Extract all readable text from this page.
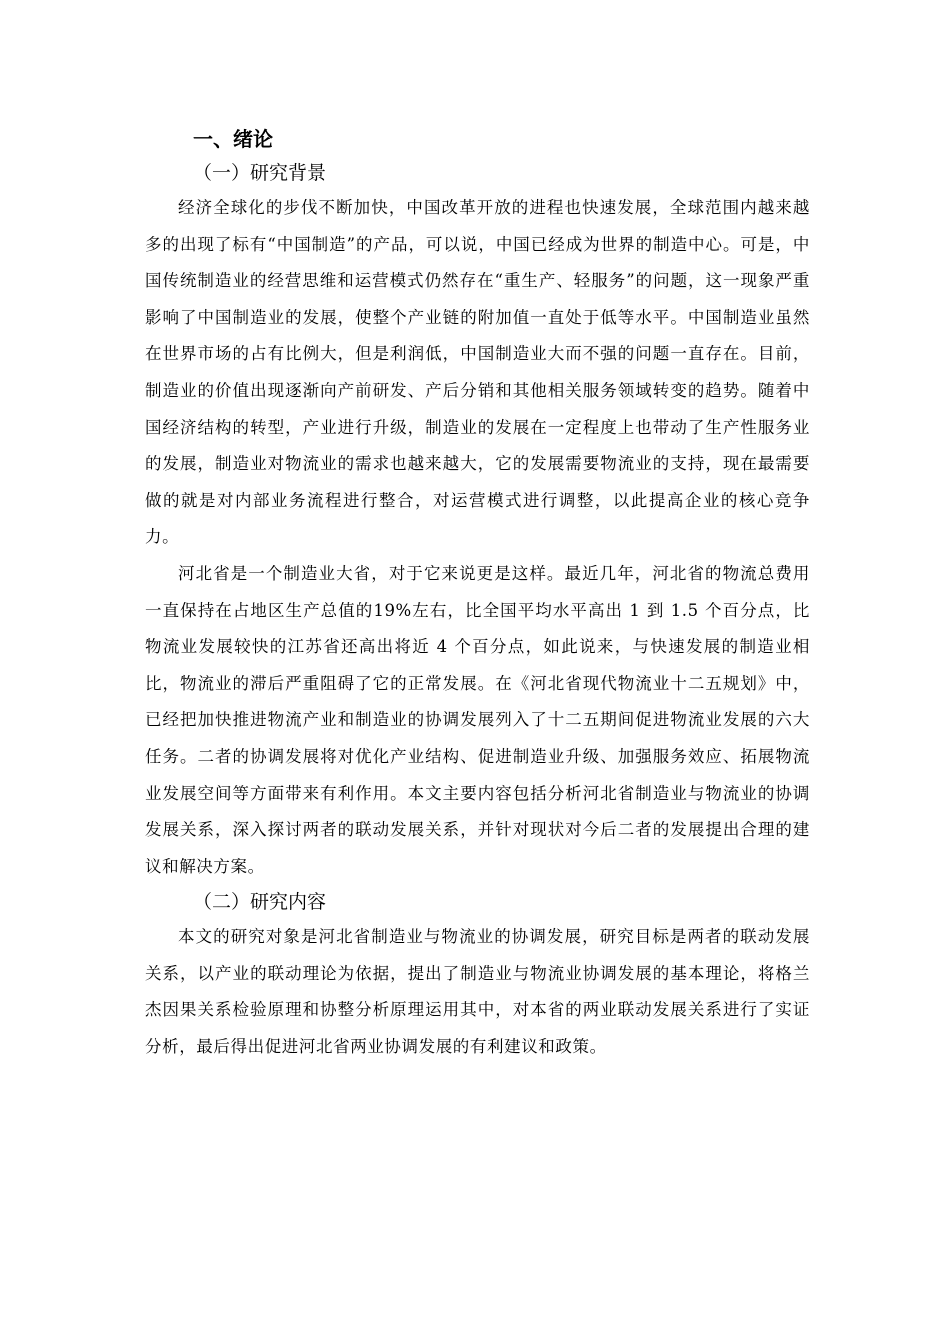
一、绪论
（一）研究背景

经济全球化的步伐不断加快，中国改革开放的进程也快速发展，全球范围内越来越多的出现了标有“中国制造”的产品，可以说，中国已经成为世界的制造中心。可是，中国传统制造业的经营思维和运营模式仍然存在“重生产、轻服务”的问题，这一现象严重影响了中国制造业的发展，使整个产业链的附加值一直处于低等水平。中国制造业虽然在世界市场的占有比例大，但是利润低，中国制造业大而不强的问题一直存在。目前，制造业的价值出现逐渐向产前研发、产后分销和其他相关服务领域转变的趋势。随着中国经济结构的转型，产业进行升级，制造业的发展在一定程度上也带动了生产性服务业的发展，制造业对物流业的需求也越来越大，它的发展需要物流业的支持，现在最需要做的就是对内部业务流程进行整合，对运营模式进行调整，以此提高企业的核心竞争力。

河北省是一个制造业大省，对于它来说更是这样。最近几年，河北省的物流总费用一直保持在占地区生产总值的19%左右，比全国平均水平高出 1 到 1.5 个百分点，比物流业发展较快的江苏省还高出将近 4 个百分点，如此说来，与快速发展的制造业相比，物流业的滞后严重阻碍了它的正常发展。在《河北省现代物流业十二五规划》中，已经把加快推进物流产业和制造业的协调发展列入了十二五期间促进物流业发展的六大任务。二者的协调发展将对优化产业结构、促进制造业升级、加强服务效应、拓展物流业发展空间等方面带来有利作用。本文主要内容包括分析河北省制造业与物流业的协调发展关系，深入探讨两者的联动发展关系，并针对现状对今后二者的发展提出合理的建议和解决方案。

（二）研究内容

本文的研究对象是河北省制造业与物流业的协调发展，研究目标是两者的联动发展关系，以产业的联动理论为依据，提出了制造业与物流业协调发展的基本理论，将格兰杰因果关系检验原理和协整分析原理运用其中，对本省的两业联动发展关系进行了实证分析，最后得出促进河北省两业协调发展的有利建议和政策。
